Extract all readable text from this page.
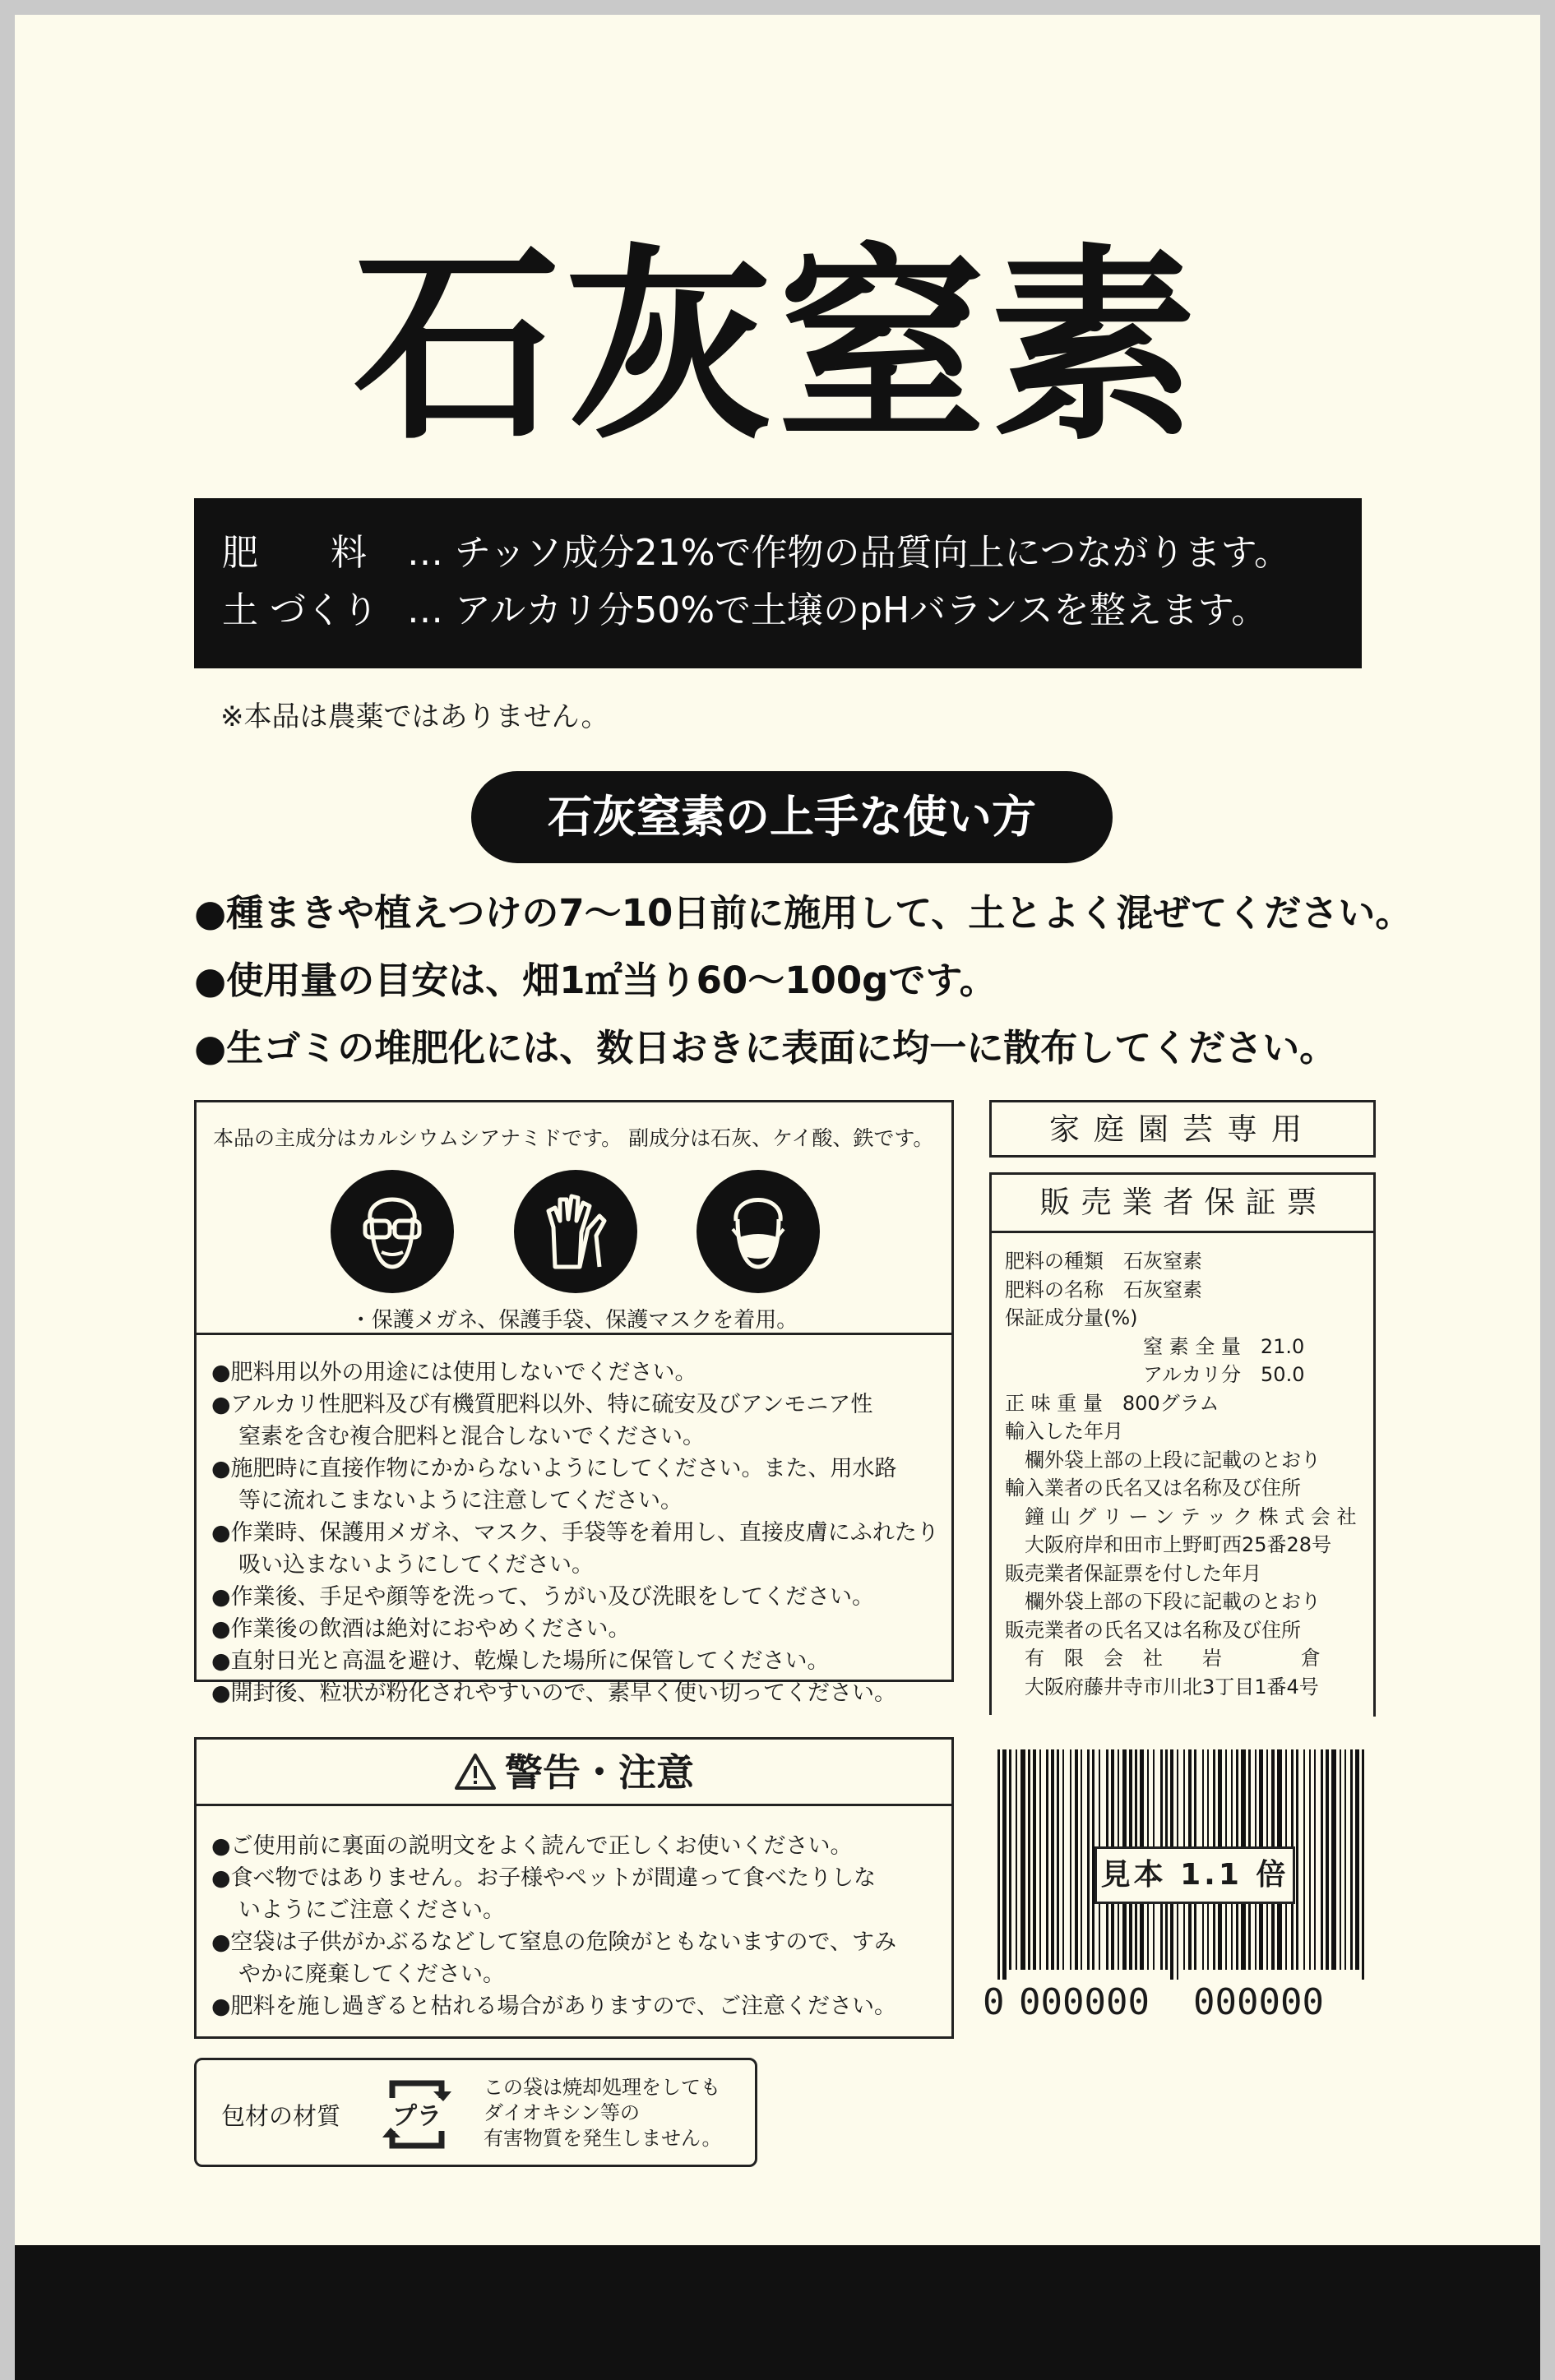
石灰窒素
肥　　料	… チッソ成分21%で作物の品質向上につながります。
土 づくり … アルカリ分50%で土壌のpHバランスを整えます。
※本品は農薬ではありません。
石灰窒素の上手な使い方
●種まきや植えつけの7～10日前に施用して、土とよく混ぜてください。
●使用量の目安は、畑1㎡当り60～100gです。
●生ゴミの堆肥化には、数日おきに表面に均一に散布してください。
本品の主成分はカルシウムシアナミドです。 副成分は石灰、ケイ酸、鉄です。
・保護メガネ、保護手袋、保護マスクを着用。
●肥料用以外の用途には使用しないでください。
●アルカリ性肥料及び有機質肥料以外、特に硫安及びアンモニア性
窒素を含む複合肥料と混合しないでください。
●施肥時に直接作物にかからないようにしてください。また、用水路
等に流れこまないように注意してください。
●作業時、保護用メガネ、マスク、手袋等を着用し、直接皮膚にふれたり
吸い込まないようにしてください。
●作業後、手足や顔等を洗って、うがい及び洗眼をしてください。
●作業後の飲酒は絶対におやめください。
●直射日光と高温を避け、乾燥した場所に保管してください。
●開封後、粒状が粉化されやすいので、素早く使い切ってください。
警告・注意
●ご使用前に裏面の説明文をよく読んで正しくお使いください。
●食べ物ではありません。お子様やペットが間違って食べたりしな
いようにご注意ください。
●空袋は子供がかぶるなどして窒息の危険がともないますので、すみ
やかに廃棄してください。
●肥料を施し過ぎると枯れる場合がありますので、ご注意ください。
包材の材質 プラ
この袋は焼却処理をしても
ダイオキシン等の
有害物質を発生しません。
家庭園芸専用
販売業者保証票
肥料の種類　石灰窒素
肥料の名称　石灰窒素
保証成分量(%)
　　　　　　　窒 素 全 量　21.0
　　　　　　　アルカリ分　50.0
正 味 重 量　800グラム
輸入した年月
　欄外袋上部の上段に記載のとおり
輸入業者の氏名又は名称及び住所
　鐘 山 グ リ ー ン テ ッ ク 株 式 会 社
　大阪府岸和田市上野町西25番28号
販売業者保証票を付した年月
　欄外袋上部の下段に記載のとおり
販売業者の氏名又は名称及び住所
　有　限　会　社　　岩　　　　倉
　大阪府藤井寺市川北3丁目1番4号
見本 1.1 倍
0 000000 000000
